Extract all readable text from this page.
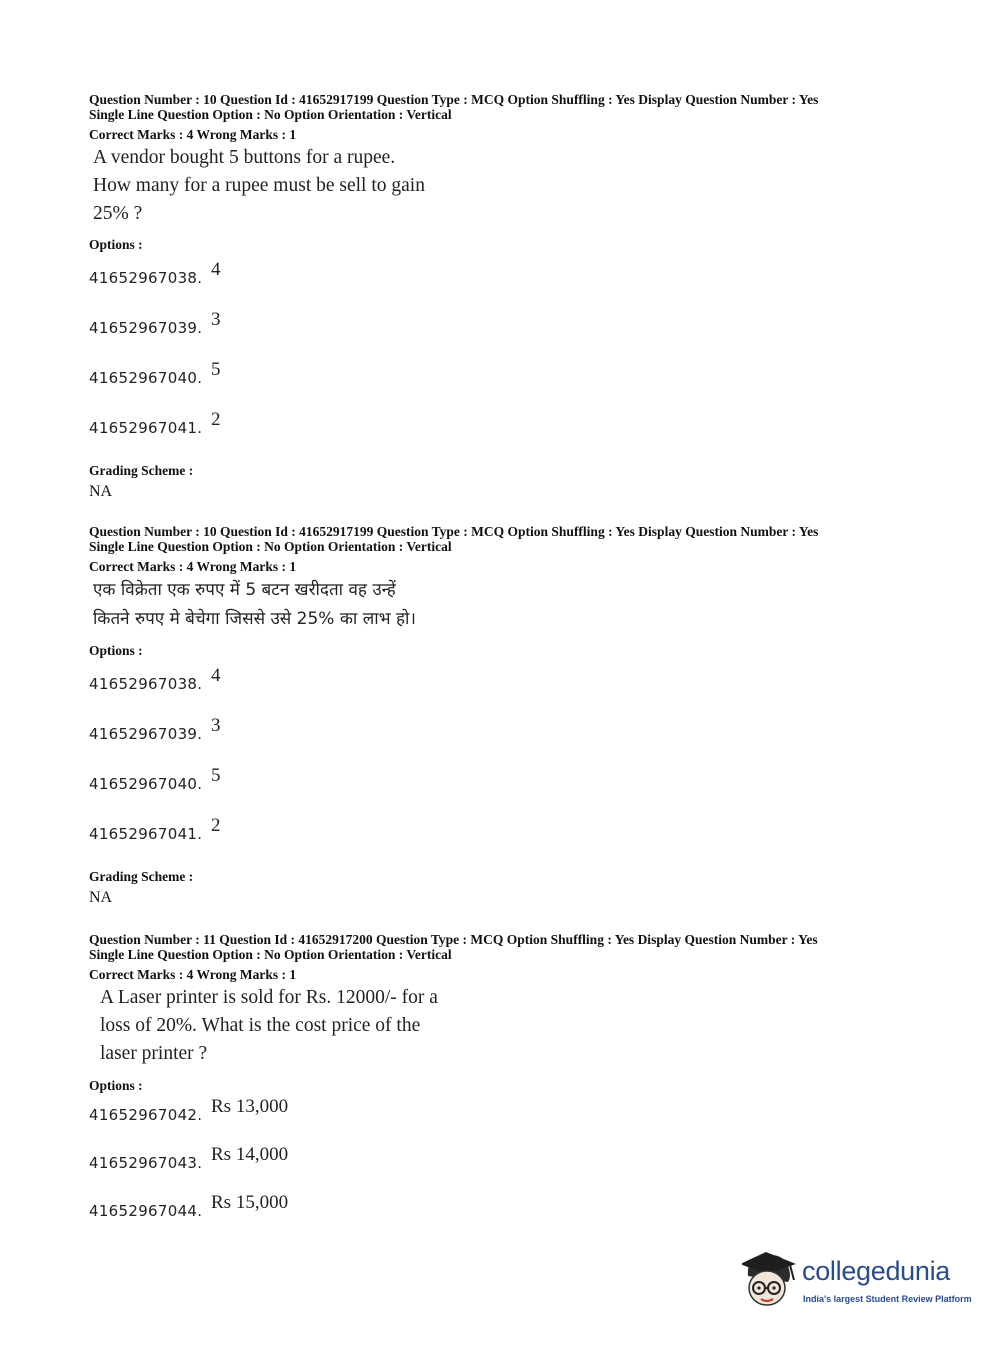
Question Number : 10 Question Id : 41652917199 Question Type : MCQ Option Shuffling : Yes Display Question Number : Yes
Single Line Question Option : No Option Orientation : Vertical
Correct Marks : 4 Wrong Marks : 1
A vendor bought 5 buttons for a rupee.
How many for a rupee must be sell to gain
25% ?
Options :
41652967038. 4
41652967039. 3
41652967040. 5
41652967041. 2
Grading Scheme :
NA
Question Number : 10 Question Id : 41652917199 Question Type : MCQ Option Shuffling : Yes Display Question Number : Yes
Single Line Question Option : No Option Orientation : Vertical
Correct Marks : 4 Wrong Marks : 1
एक विक्रेता एक रुपए में 5 बटन खरीदता वह उन्हें
कितने रुपए मे बेचेगा जिससे उसे 25% का लाभ हो।
Options :
41652967038. 4
41652967039. 3
41652967040. 5
41652967041. 2
Grading Scheme :
NA
Question Number : 11 Question Id : 41652917200 Question Type : MCQ Option Shuffling : Yes Display Question Number : Yes
Single Line Question Option : No Option Orientation : Vertical
Correct Marks : 4 Wrong Marks : 1
A Laser printer is sold for Rs. 12000/- for a
loss of 20%. What is the cost price of the
laser printer ?
Options :
41652967042. Rs 13,000
41652967043. Rs 14,000
41652967044. Rs 15,000
collegedunia
India's largest Student Review Platform
